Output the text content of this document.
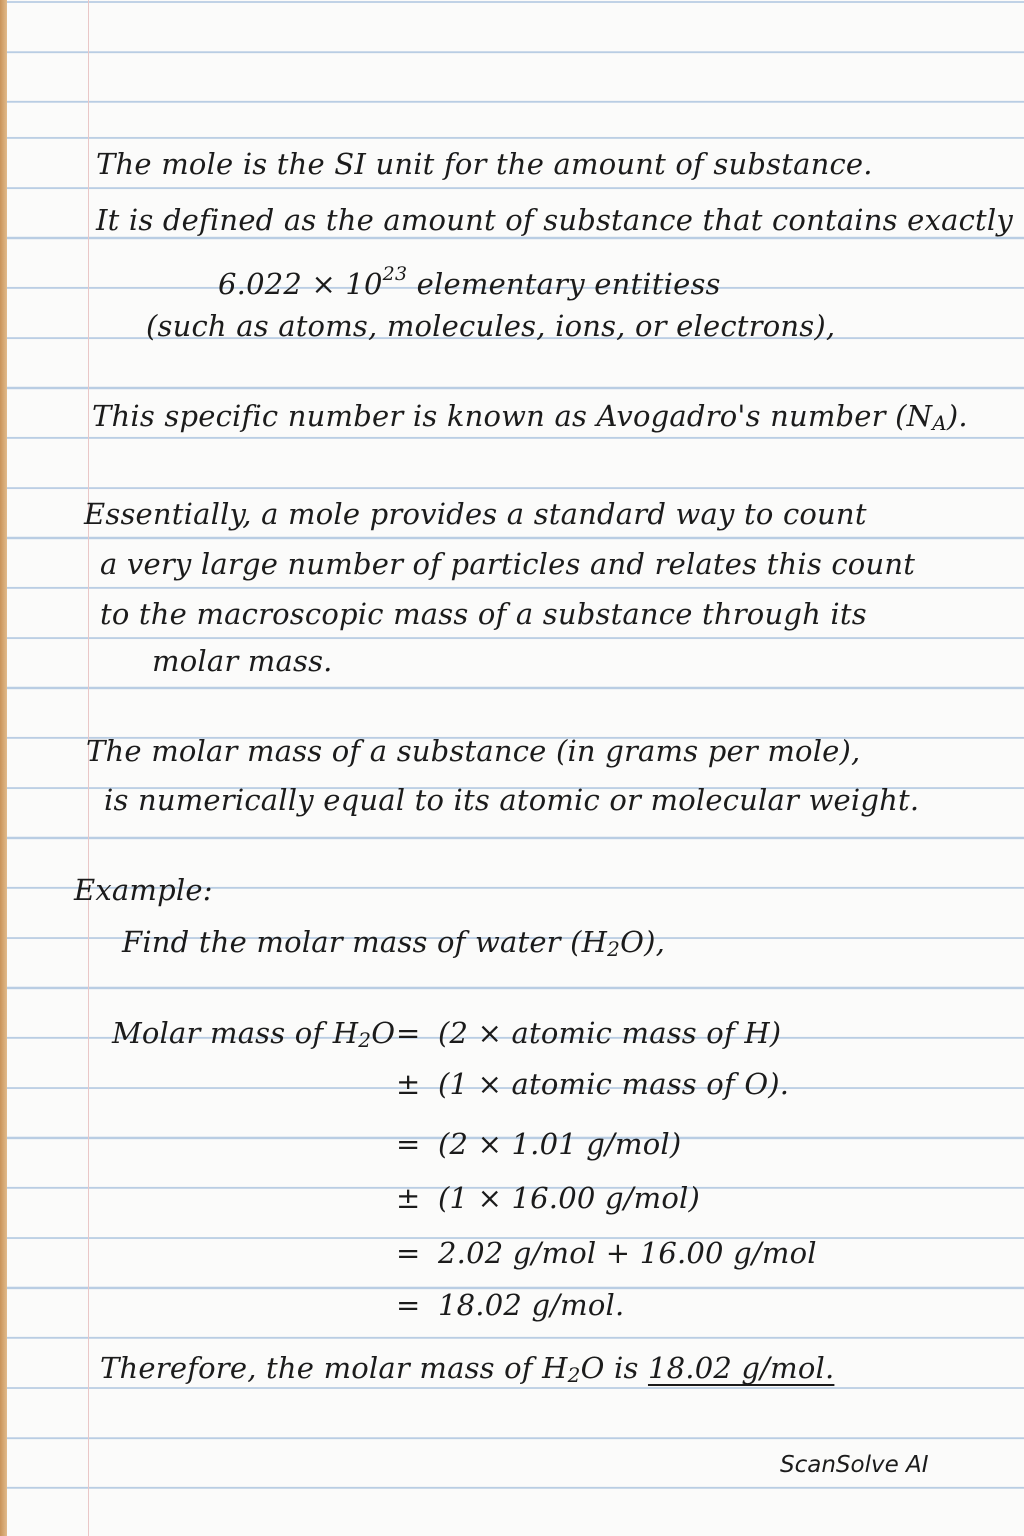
The mole is the SI unit for the amount of substance.
It is defined as the amount of substance that contains exactly
$6.022 \times 10^{23}$ elementary entitiess
(such as atoms, molecules, ions, or electrons),
This specific number is known as Avogadro's number $(N_A)$.
Essentially, a mole provides a standard way to count
a very large number of particles and relates this count
to the macroscopic mass of a substance through its
molar mass.
The molar mass of a substance (in grams per mole),
is numerically equal to its atomic or molecular weight.
Example:
Find the molar mass of water $(H_2O)$,
Molar mass of $H_2O = (2$ × atomic mass of H)
± (1 × atomic mass of O).
= (2 × 1.01 g/mol)
± (1 × 16.00 g/mol)
= 2.02 g/mol + 16.00 g/mol
= 18.02 g/mol.
Therefore, the molar mass of $H_2O$ is 18.02 g/mol.
ScanSolve AI
